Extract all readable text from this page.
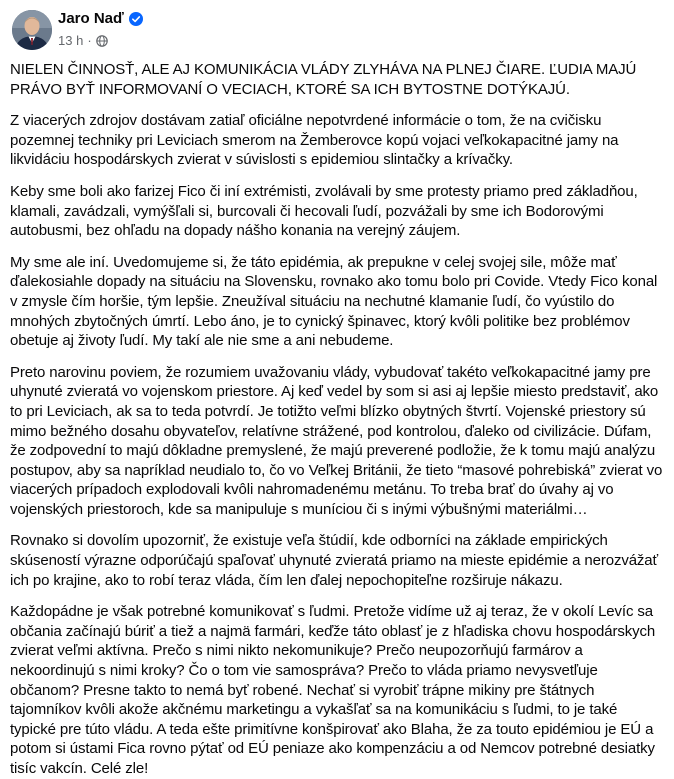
Jaro Naď
13 h ·

NIELEN ČINNOSŤ, ALE AJ KOMUNIKÁCIA VLÁDY ZLYHÁVA NA PLNEJ ČIARE. ĽUDIA MAJÚ PRÁVO BYŤ INFORMOVANÍ O VECIACH, KTORÉ SA ICH BYTOSTNE DOTÝKAJÚ.

Z viacerých zdrojov dostávam zatiaľ oficiálne nepotvrdené informácie o tom, že na cvičisku pozemnej techniky pri Leviciach smerom na Žemberovce kopú vojaci veľkokapacitné jamy na likvidáciu hospodárskych zvierat v súvislosti s epidemiou slintačky a krívačky.

Keby sme boli ako farizej Fico či iní extrémisti, zvolávali by sme protesty priamo pred základňou, klamali, zavádzali, vymýšľali si, burcovali či hecovali ľudí, pozvážali by sme ich Bodorovými autobusmi, bez ohľadu na dopady nášho konania na verejný záujem.

My sme ale iní. Uvedomujeme si, že táto epidémia, ak prepukne v celej svojej sile, môže mať ďalekosiahle dopady na situáciu na Slovensku, rovnako ako tomu bolo pri Covide. Vtedy Fico konal v zmysle čím horšie, tým lepšie. Zneužíval situáciu na nechutné klamanie ľudí, čo vyústilo do mnohých zbytočných úmrtí. Lebo áno, je to cynický špinavec, ktorý kvôli politike bez problémov obetuje aj životy ľudí. My takí ale nie sme a ani nebudeme.

Preto narovinu poviem, že rozumiem uvažovaniu vlády, vybudovať takéto veľkokapacitné jamy pre uhynuté zvieratá vo vojenskom priestore. Aj keď vedel by som si asi aj lepšie miesto predstaviť, ako to pri Leviciach, ak sa to teda potvrdí. Je totižto veľmi blízko obytných štvrtí. Vojenské priestory sú mimo bežného dosahu obyvateľov, relatívne strážené, pod kontrolou, ďaleko od civilizácie. Dúfam, že zodpovední to majú dôkladne premyslené, že majú preverené podložie, že k tomu majú analýzu postupov, aby sa napríklad neudialo to, čo vo Veľkej Británii, že tieto “masové pohrebiská” zvierat vo viacerých prípadoch explodovali kvôli nahromadenému metánu. To treba brať do úvahy aj vo vojenských priestoroch, kde sa manipuluje s muníciou či s inými výbušnými materiálmi…

Rovnako si dovolím upozorniť, že existuje veľa štúdií, kde odborníci na základe empirických skúseností výrazne odporúčajú spaľovať uhynuté zvieratá priamo na mieste epidémie a nerozvážať ich po krajine, ako to robí teraz vláda, čím len ďalej nepochopiteľne rozširuje nákazu.

Každopádne je však potrebné komunikovať s ľudmi. Pretože vidíme už aj teraz, že v okolí Levíc sa občania začínajú búriť a tiež a najmä farmári, keďže táto oblasť je z hľadiska chovu hospodárskych zvierat veľmi aktívna. Prečo s nimi nikto nekomunikuje? Prečo neupozorňujú farmárov a nekoordinujú s nimi kroky? Čo o tom vie samospráva? Prečo to vláda priamo nevysvetľuje občanom? Presne takto to nemá byť robené. Nechať si vyrobiť trápne mikiny pre štátnych tajomníkov kvôli akože akčnému marketingu a vykašľať sa na komunikáciu s ľudmi, to je také typické pre túto vládu. A teda ešte primitívne konšpirovať ako Blaha, že za touto epidémiou je EÚ a potom si ústami Fica rovno pýtať od EÚ peniaze ako kompenzáciu a od Nemcov potrebné desiatky tisíc vakcín. Celé zle!
